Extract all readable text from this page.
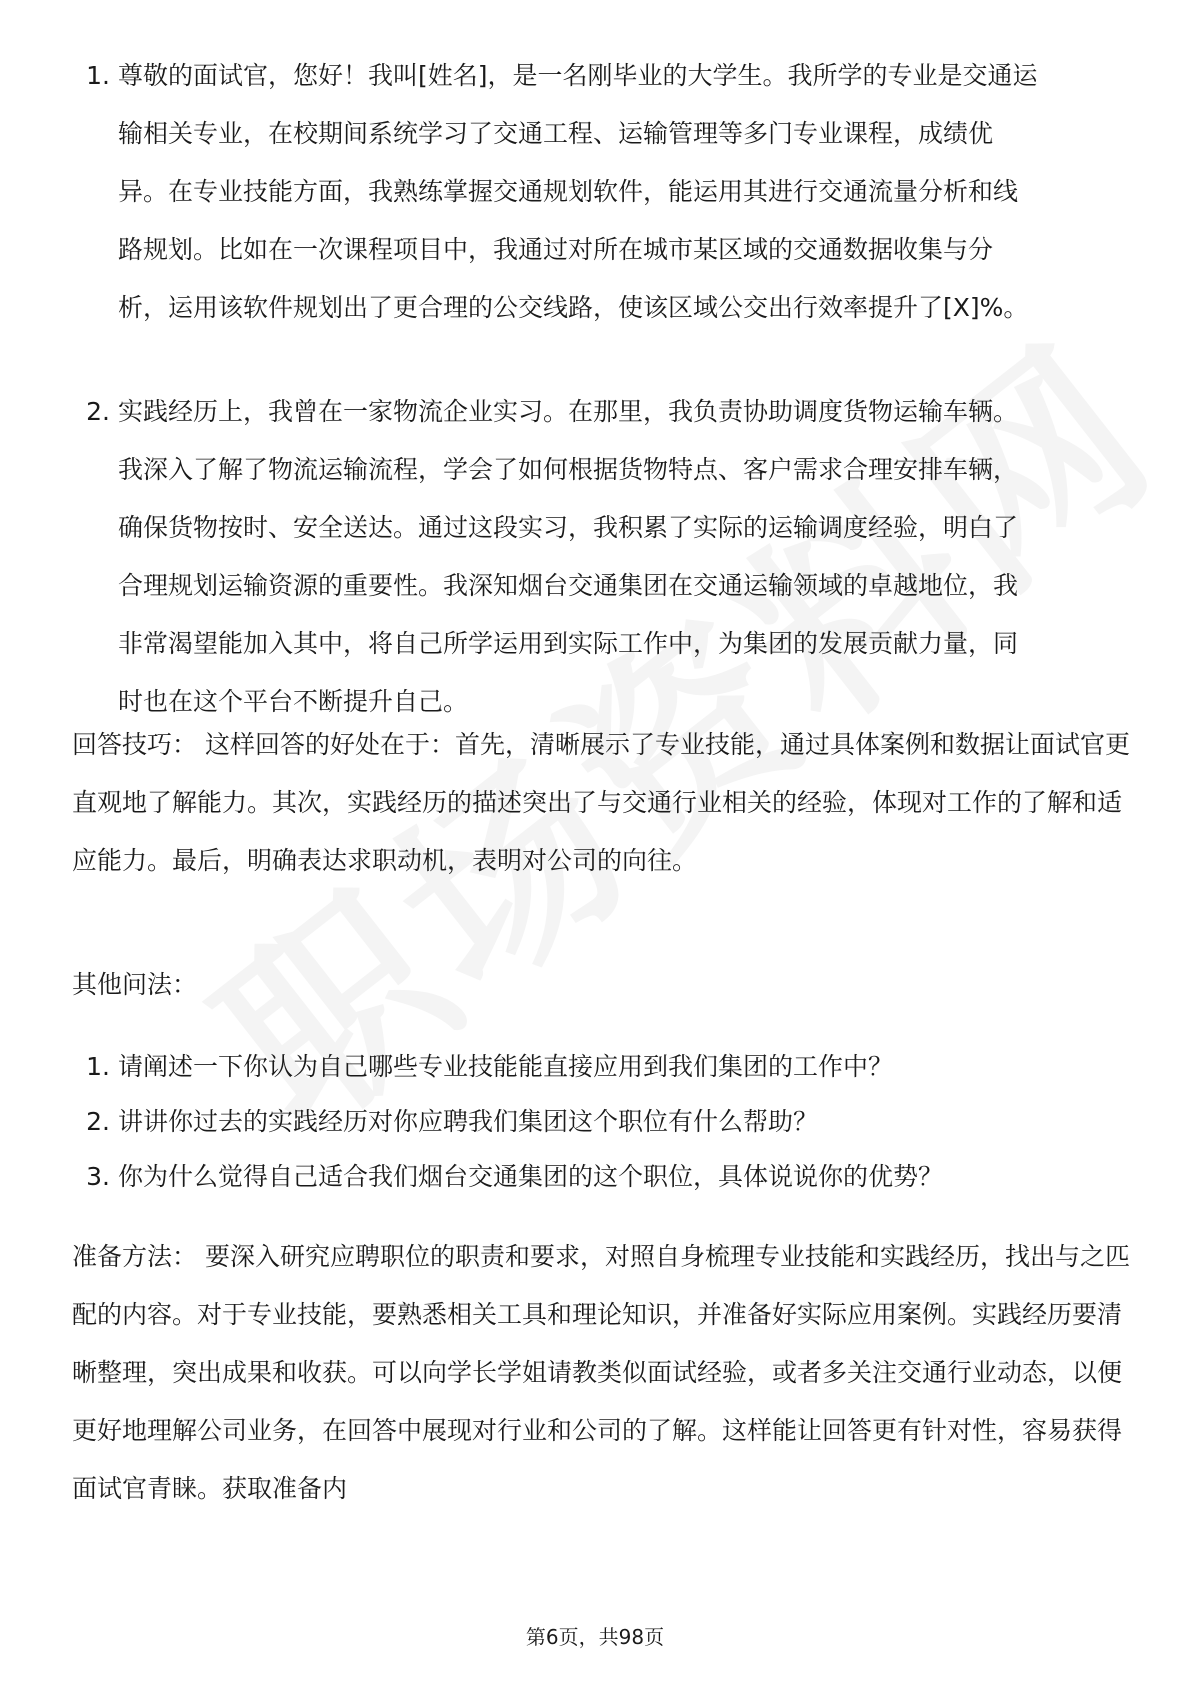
1. 尊敬的面试官，您好！我叫[姓名]，是一名刚毕业的大学生。我所学的专业是交通运输相关专业，在校期间系统学习了交通工程、运输管理等多门专业课程，成绩优异。在专业技能方面，我熟练掌握交通规划软件，能运用其进行交通流量分析和线路规划。比如在一次课程项目中，我通过对所在城市某区域的交通数据收集与分析，运用该软件规划出了更合理的公交线路，使该区域公交出行效率提升了[X]%。
2. 实践经历上，我曾在一家物流企业实习。在那里，我负责协助调度货物运输车辆。我深入了解了物流运输流程，学会了如何根据货物特点、客户需求合理安排车辆，确保货物按时、安全送达。通过这段实习，我积累了实际的运输调度经验，明白了合理规划运输资源的重要性。我深知烟台交通集团在交通运输领域的卓越地位，我非常渴望能加入其中，将自己所学运用到实际工作中，为集团的发展贡献力量，同时也在这个平台不断提升自己。

回答技巧： 这样回答的好处在于：首先，清晰展示了专业技能，通过具体案例和数据让面试官更直观地了解能力。其次，实践经历的描述突出了与交通行业相关的经验，体现对工作的了解和适应能力。最后，明确表达求职动机，表明对公司的向往。

其他问法：

1. 请阐述一下你认为自己哪些专业技能能直接应用到我们集团的工作中？
2. 讲讲你过去的实践经历对你应聘我们集团这个职位有什么帮助？
3. 你为什么觉得自己适合我们烟台交通集团的这个职位，具体说说你的优势？

准备方法： 要深入研究应聘职位的职责和要求，对照自身梳理专业技能和实践经历，找出与之匹配的内容。对于专业技能，要熟悉相关工具和理论知识，并准备好实际应用案例。实践经历要清晰整理，突出成果和收获。可以向学长学姐请教类似面试经验，或者多关注交通行业动态，以便更好地理解公司业务，在回答中展现对行业和公司的了解。这样能让回答更有针对性，容易获得面试官青睐。获取准备内

第6页，共98页
